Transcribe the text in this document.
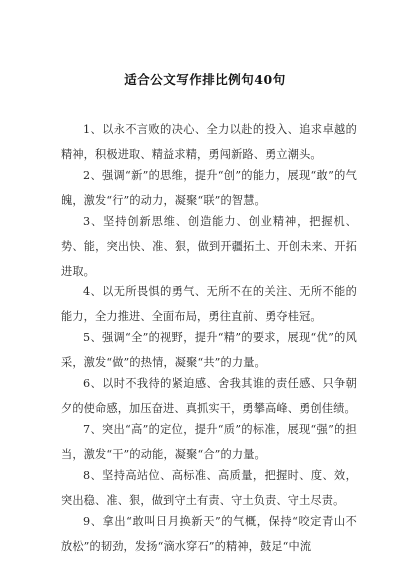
适合公文写作排比例句40句

1、以永不言败的决心、全力以赴的投入、追求卓越的精神，积极进取、精益求精，勇闯新路、勇立潮头。

2、强调“新”的思维，提升“创”的能力，展现“敢”的气魄，激发“行”的动力，凝聚“联”的智慧。

3、坚持创新思维、创造能力、创业精神，把握机、势、能，突出快、准、狠，做到开疆拓土、开创未来、开拓进取。

4、以无所畏惧的勇气、无所不在的关注、无所不能的能力，全力推进、全面布局，勇往直前、勇夺桂冠。

5、强调“全”的视野，提升“精”的要求，展现“优”的风采，激发“做”的热情，凝聚“共”的力量。

6、以时不我待的紧迫感、舍我其谁的责任感、只争朝夕的使命感，加压奋进、真抓实干，勇攀高峰、勇创佳绩。

7、突出“高”的定位，提升“质”的标准，展现“强”的担当，激发“干”的动能，凝聚“合”的力量。

8、坚持高站位、高标准、高质量，把握时、度、效，突出稳、准、狠，做到守土有责、守土负责、守土尽责。

9、拿出“敢叫日月换新天”的气概，保持“咬定青山不放松”的韧劲，发扬“滴水穿石”的精神，鼓足“中流
